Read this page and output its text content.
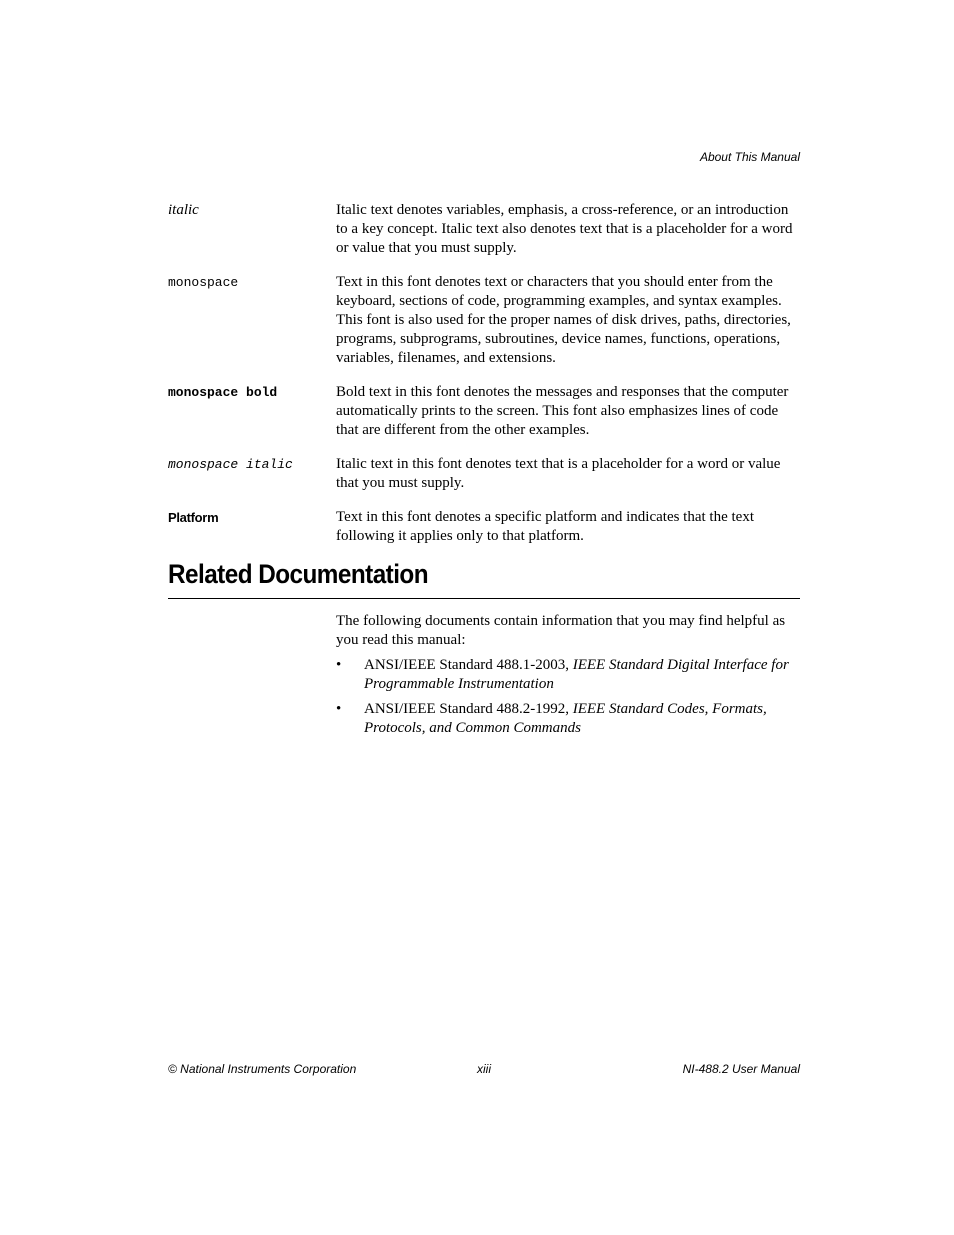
About This Manual
italic	Italic text denotes variables, emphasis, a cross-reference, or an introduction to a key concept. Italic text also denotes text that is a placeholder for a word or value that you must supply.
monospace	Text in this font denotes text or characters that you should enter from the keyboard, sections of code, programming examples, and syntax examples. This font is also used for the proper names of disk drives, paths, directories, programs, subprograms, subroutines, device names, functions, operations, variables, filenames, and extensions.
monospace bold	Bold text in this font denotes the messages and responses that the computer automatically prints to the screen. This font also emphasizes lines of code that are different from the other examples.
monospace italic	Italic text in this font denotes text that is a placeholder for a word or value that you must supply.
Platform	Text in this font denotes a specific platform and indicates that the text following it applies only to that platform.
Related Documentation

The following documents contain information that you may find helpful as you read this manual:

•	ANSI/IEEE Standard 488.1-2003, IEEE Standard Digital Interface for Programmable Instrumentation
•	ANSI/IEEE Standard 488.2-1992, IEEE Standard Codes, Formats, Protocols, and Common Commands
© National Instruments Corporation	xiii	NI-488.2 User Manual
